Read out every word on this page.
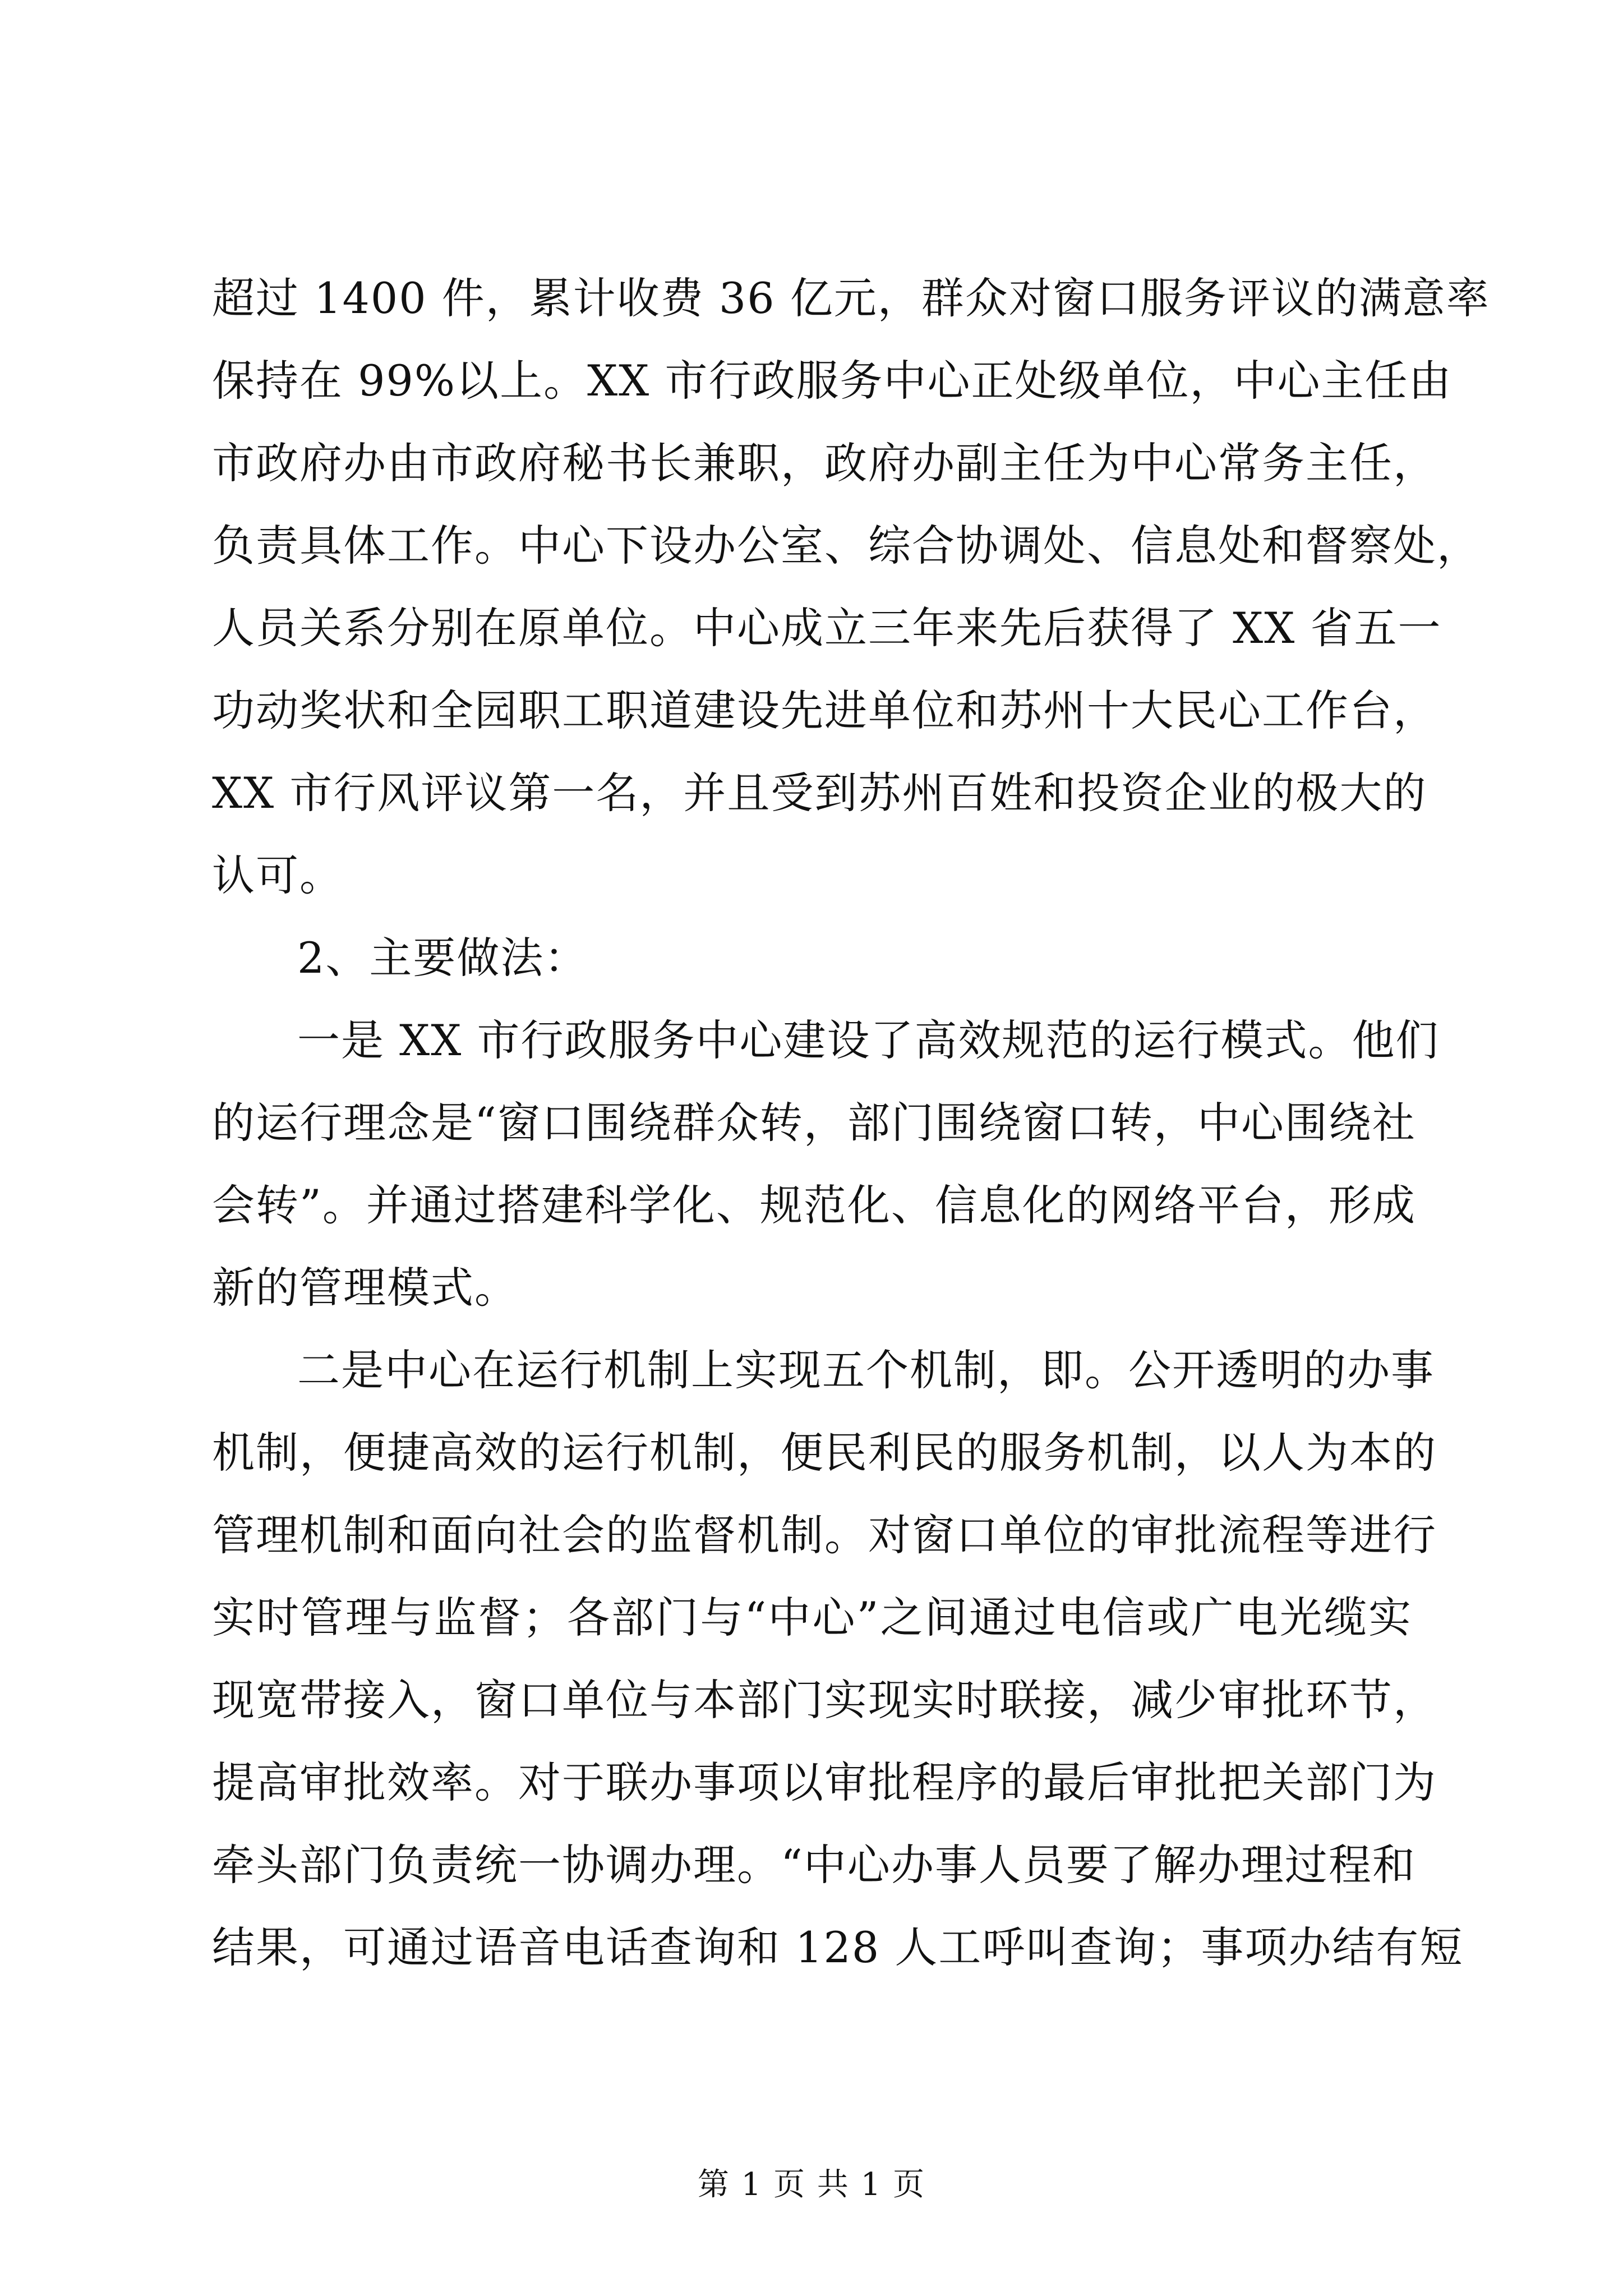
超过 1400 件，累计收费 36 亿元，群众对窗口服务评议的满意率
保持在 99%以上。XX 市行政服务中心正处级单位，中心主任由
市政府办由市政府秘书长兼职，政府办副主任为中心常务主任，
负责具体工作。中心下设办公室、综合协调处、信息处和督察处，
人员关系分别在原单位。中心成立三年来先后获得了 XX 省五一
功动奖状和全园职工职道建设先进单位和苏州十大民心工作台，
XX 市行风评议第一名，并且受到苏州百姓和投资企业的极大的
认可。
2、主要做法：
一是 XX 市行政服务中心建设了高效规范的运行模式。他们
的运行理念是“窗口围绕群众转，部门围绕窗口转，中心围绕社
会转”。并通过搭建科学化、规范化、信息化的网络平台，形成
新的管理模式。
二是中心在运行机制上实现五个机制，即。公开透明的办事
机制，便捷高效的运行机制，便民利民的服务机制，以人为本的
管理机制和面向社会的监督机制。对窗口单位的审批流程等进行
实时管理与监督；各部门与“中心”之间通过电信或广电光缆实
现宽带接入，窗口单位与本部门实现实时联接，减少审批环节，
提高审批效率。对于联办事项以审批程序的最后审批把关部门为
牵头部门负责统一协调办理。“中心办事人员要了解办理过程和
结果，可通过语音电话查询和 128 人工呼叫查询；事项办结有短
第 1 页 共 1 页
